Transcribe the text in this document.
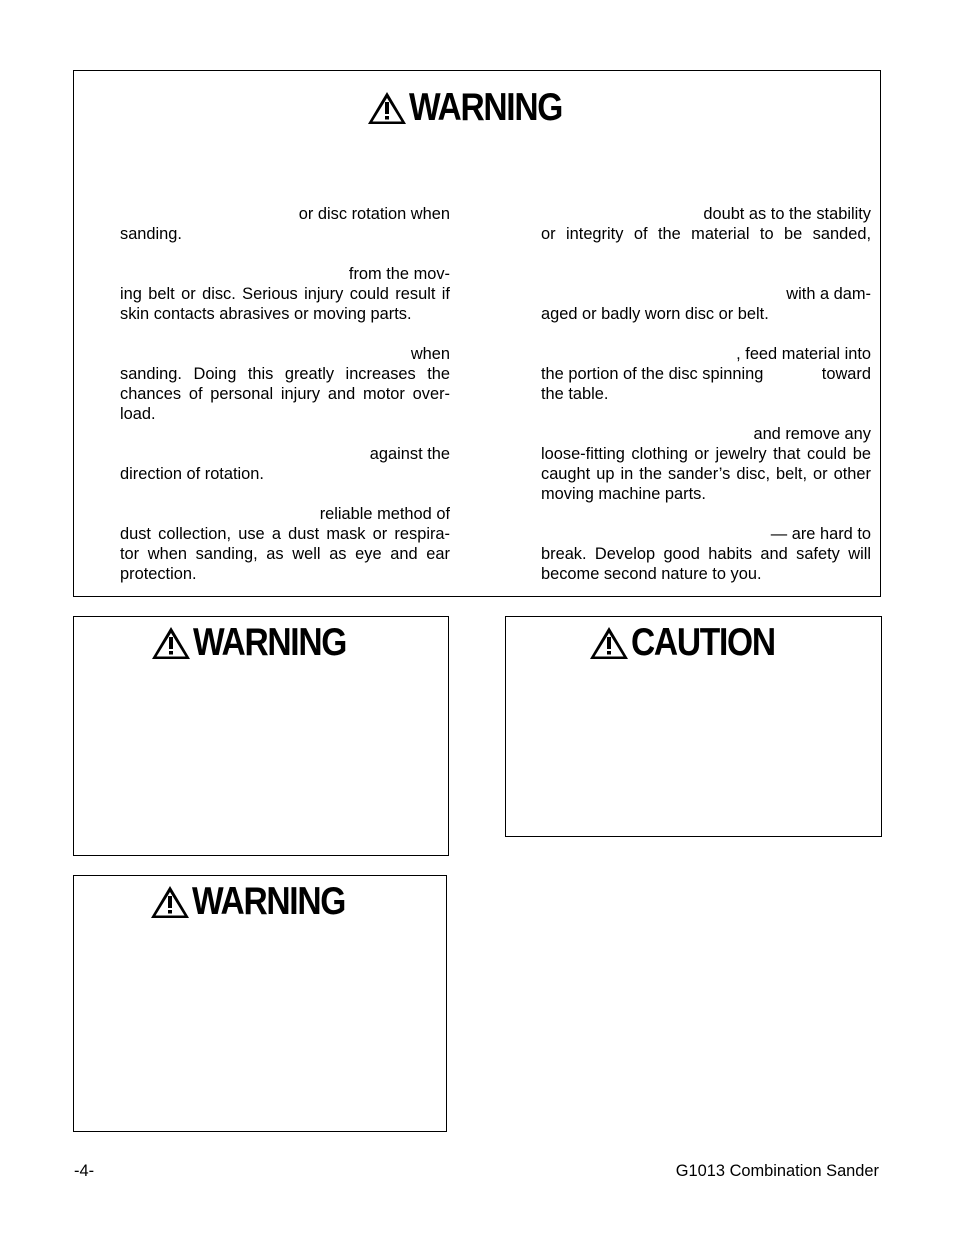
WARNING
or disc rotation when
sanding.
from the mov-
ing belt or disc. Serious injury could result if
skin contacts abrasives or moving parts.
when
sanding. Doing this greatly increases the
chances of personal injury and motor over-
load.
against the
direction of rotation.
reliable method of
dust collection, use a dust mask or respira-
tor when sanding, as well as eye and ear
protection.
doubt as to the stability
or integrity of the material to be sanded,
with a dam-
aged or badly worn disc or belt.
, feed material into
the portion of the disc spinning	toward
the table.
and remove any
loose-fitting clothing or jewelry that could be
caught up in the sander’s disc, belt, or other
moving machine parts.
— are hard to
break. Develop good habits and safety will
become second nature to you.
WARNING	CAUTION
WARNING
-4-	G1013 Combination Sander
